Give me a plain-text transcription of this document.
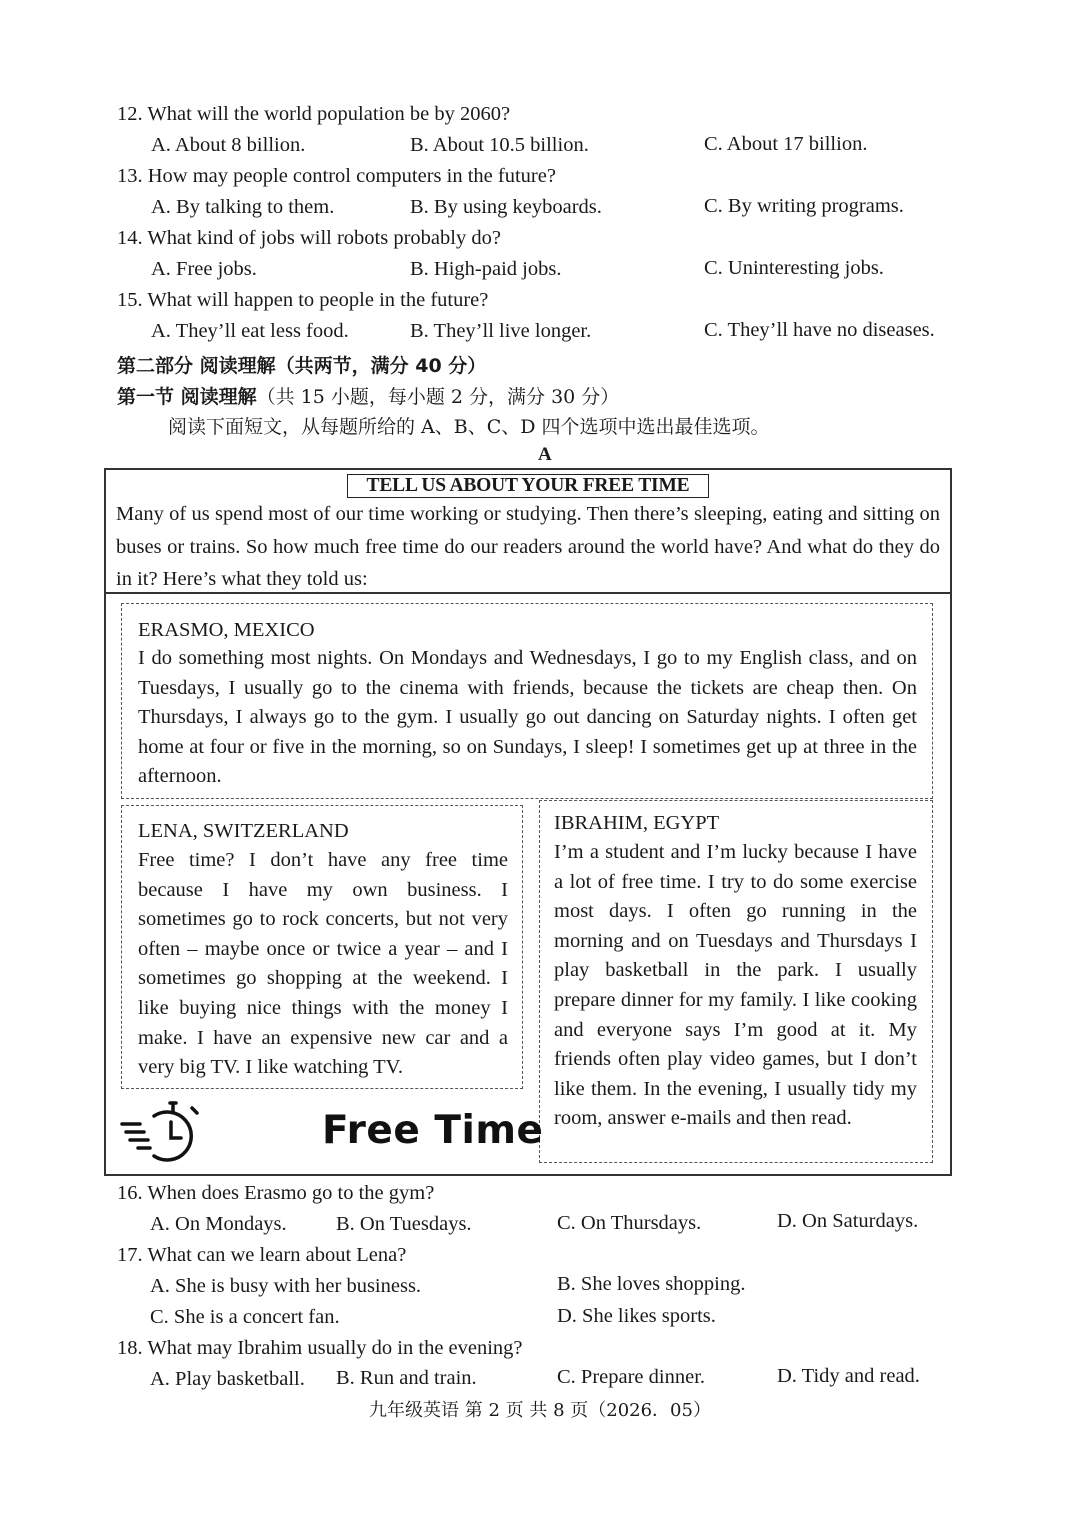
12. What will the world population be by 2060?
A. About 8 billion.	B. About 10.5 billion.	C. About 17 billion.
13. How may people control computers in the future?
A. By talking to them.	B. By using keyboards.	C. By writing programs.
14. What kind of jobs will robots probably do?
A. Free jobs.	B. High-paid jobs.	C. Uninteresting jobs.
15. What will happen to people in the future?
A. They’ll eat less food.	B. They’ll live longer.	C. They’ll have no diseases.
第二部分 阅读理解（共两节，满分 40 分）
第一节 阅读理解（共 15 小题，每小题 2 分，满分 30 分）
阅读下面短文，从每题所给的 A、B、C、D 四个选项中选出最佳选项。
A
TELL US ABOUT YOUR FREE TIME
Many of us spend most of our time working or studying. Then there’s sleeping, eating and sitting on buses or trains. So how much free time do our readers around the world have? And what do they do in it? Here’s what they told us:
ERASMO, MEXICO
I do something most nights. On Mondays and Wednesdays, I go to my English class, and on Tuesdays, I usually go to the cinema with friends, because the tickets are cheap then. On Thursdays, I always go to the gym. I usually go out dancing on Saturday nights. I often get home at four or five in the morning, so on Sundays, I sleep! I sometimes get up at three in the afternoon.
LENA, SWITZERLAND
Free time? I don’t have any free time because I have my own business. I sometimes go to rock concerts, but not very often – maybe once or twice a year – and I sometimes go shopping at the weekend. I like buying nice things with the money I make. I have an expensive new car and a very big TV. I like watching TV.
IBRAHIM, EGYPT
I’m a student and I’m lucky because I have a lot of free time. I try to do some exercise most days. I often go running in the morning and on Tuesdays and Thursdays I play basketball in the park. I usually prepare dinner for my family. I like cooking and everyone says I’m good at it. My friends often play video games, but I don’t like them. In the evening, I usually tidy my room, answer e-mails and then read.
Free Time
16. When does Erasmo go to the gym?
A. On Mondays. B. On Tuesdays.	C. On Thursdays.	D. On Saturdays.
17. What can we learn about Lena?
A. She is busy with her business.	B. She loves shopping.
C. She is a concert fan.	D. She likes sports.
18. What may Ibrahim usually do in the evening?
A. Play basketball. B. Run and train.	C. Prepare dinner.	D. Tidy and read.
九年级英语 第 2 页 共 8 页（2026．05）
